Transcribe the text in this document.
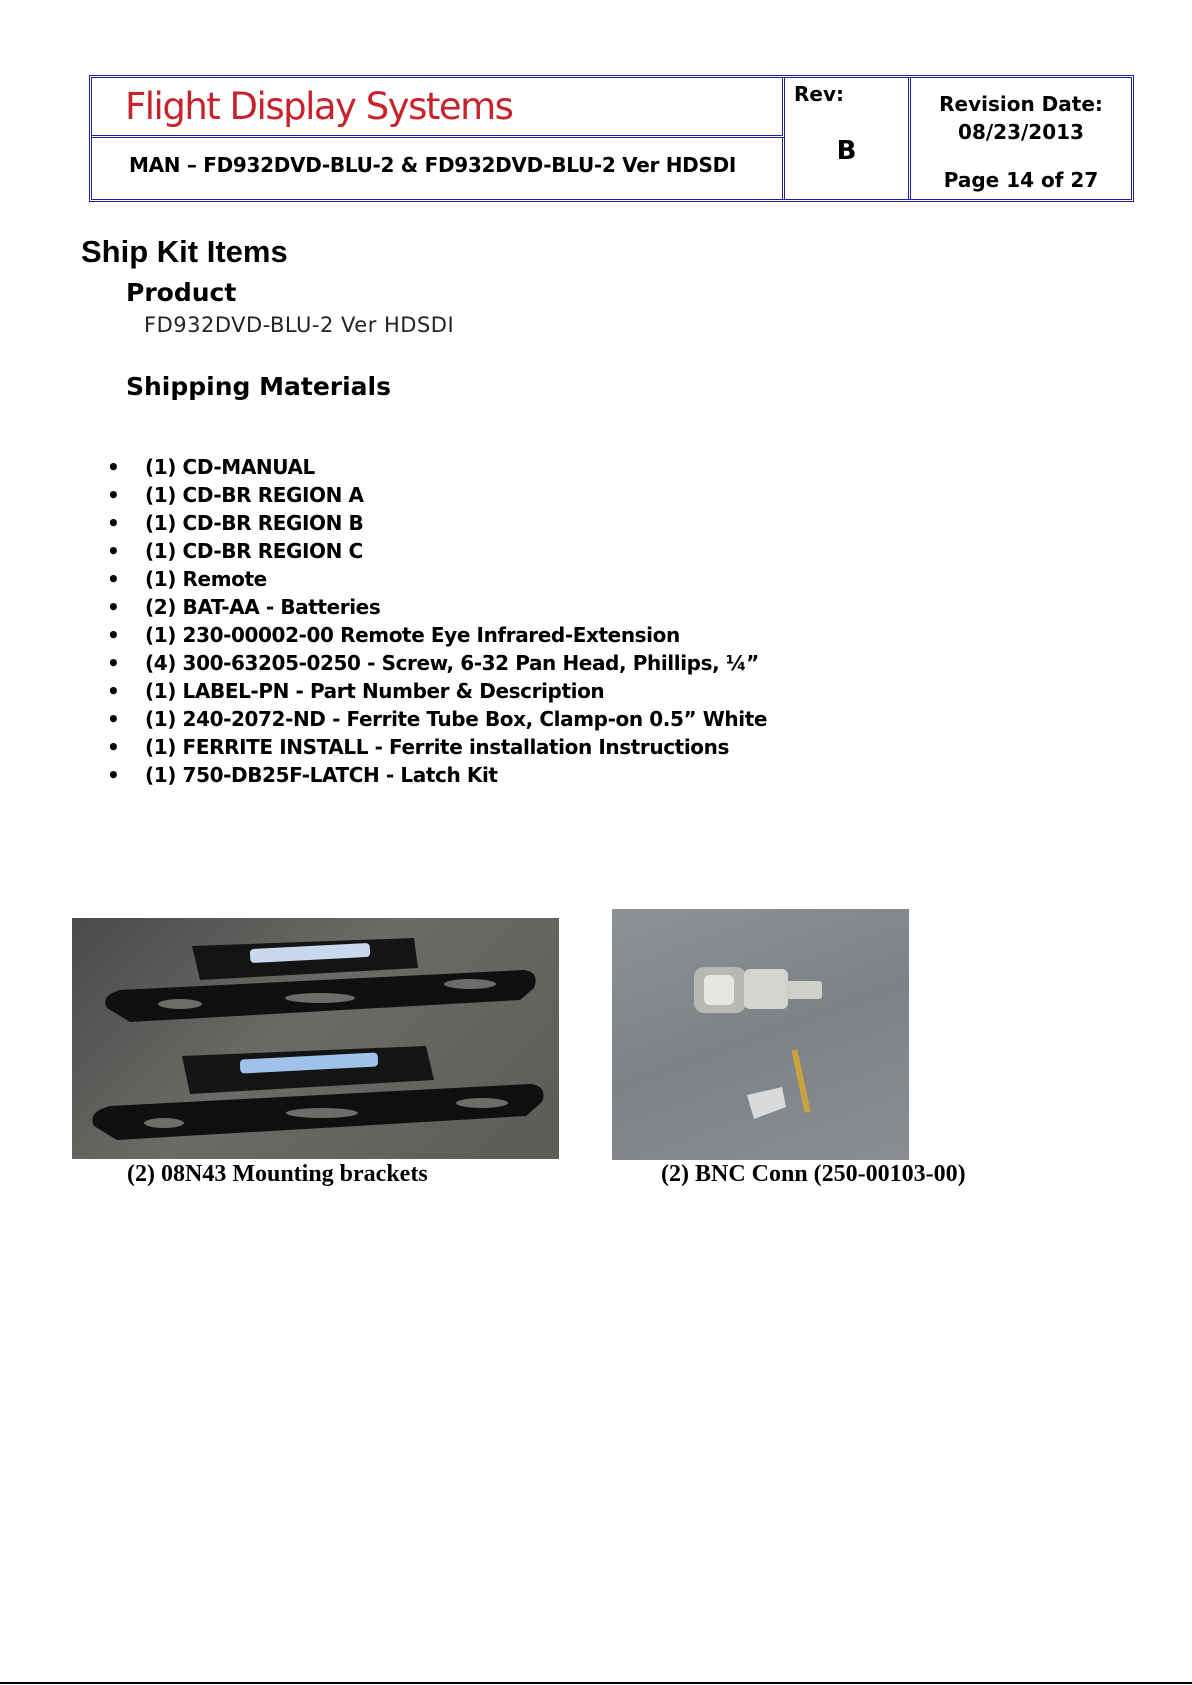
Flight Display Systems
MAN – FD932DVD-BLU-2 & FD932DVD-BLU-2 Ver HDSDI
Rev:
B
Revision Date:
08/23/2013
Page 14 of 27
Ship Kit Items
Product
FD932DVD-BLU-2 Ver HDSDI
Shipping Materials
• (1) CD-MANUAL
• (1) CD-BR REGION A
• (1) CD-BR REGION B
• (1) CD-BR REGION C
• (1) Remote
• (2) BAT-AA - Batteries
• (1) 230-00002-00 Remote Eye Infrared-Extension
• (4) 300-63205-0250 - Screw, 6-32 Pan Head, Phillips, ¼”
• (1) LABEL-PN - Part Number & Description
• (1) 240-2072-ND - Ferrite Tube Box, Clamp-on 0.5” White
• (1) FERRITE INSTALL - Ferrite installation Instructions
• (1) 750-DB25F-LATCH - Latch Kit
(2) 08N43 Mounting brackets	(2) BNC Conn (250-00103-00)
